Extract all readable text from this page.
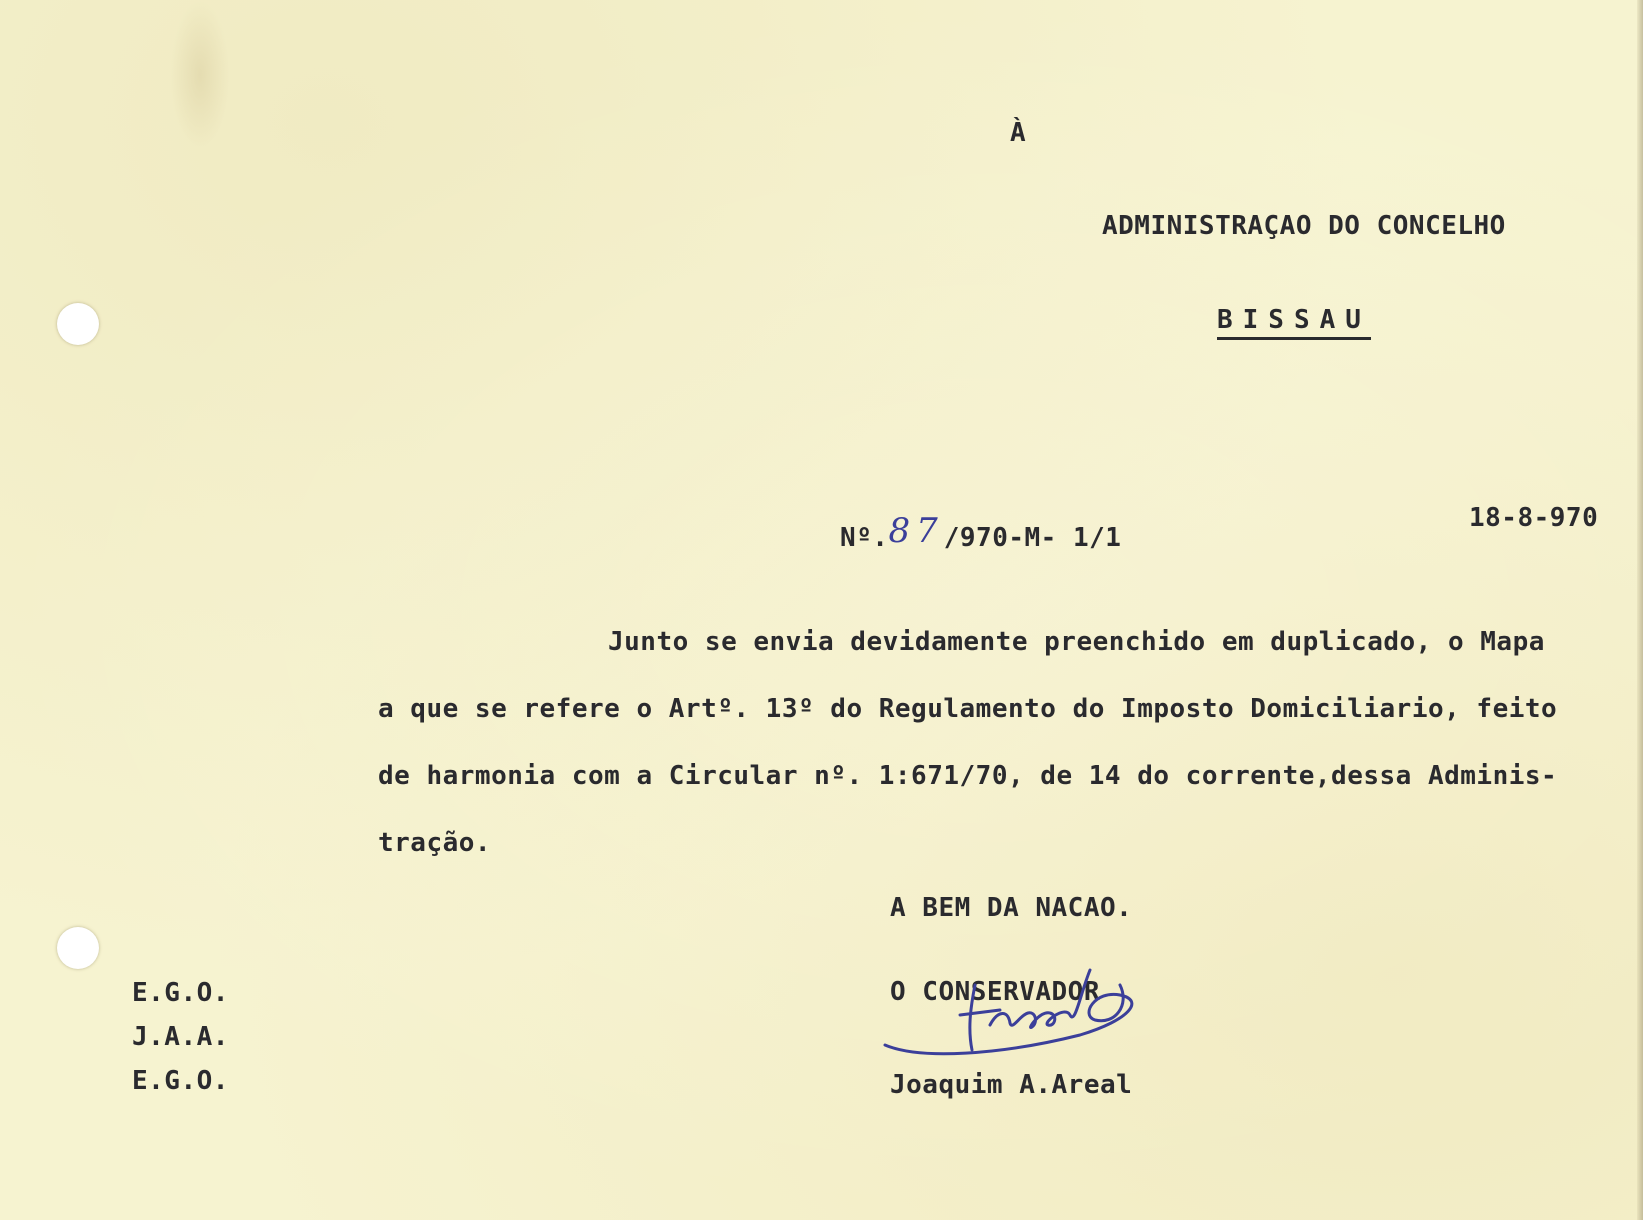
À
ADMINISTRAÇAO DO CONCELHO
BISSAU
Nº.87/970-M- 1/1
18-8-970
Junto se envia devidamente preenchido em duplicado, o Mapa
a que se refere o Artº. 13º do Regulamento do Imposto Domiciliario, feito
de harmonia com a Circular nº. 1:671/70, de 14 do corrente,dessa Adminis-
tração.
A BEM DA NACAO.
O CONSERVADOR
Joaquim A.Areal
E.G.O.
J.A.A.
E.G.O.
